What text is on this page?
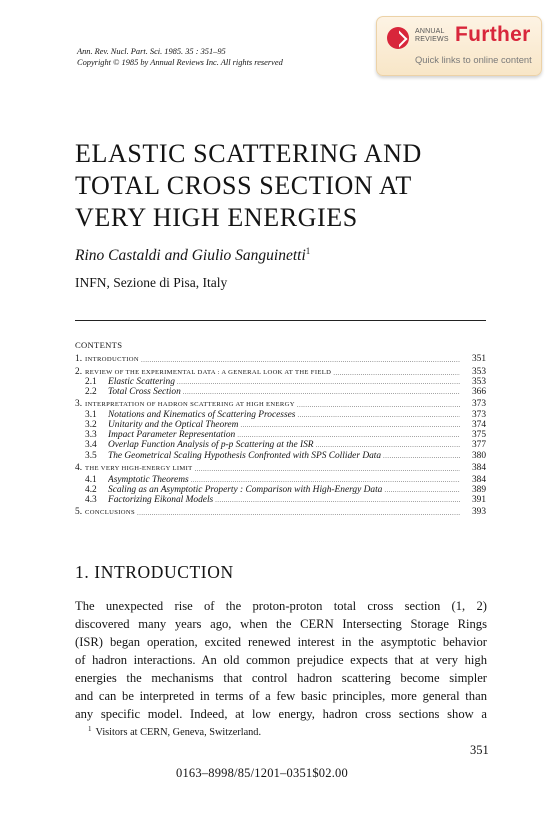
Ann. Rev. Nucl. Part. Sci. 1985. 35 : 351–95
Copyright © 1985 by Annual Reviews Inc. All rights reserved
ANNUAL
REVIEWS Further
Quick links to online content
ELASTIC SCATTERING AND
TOTAL CROSS SECTION AT
VERY HIGH ENERGIES
Rino Castaldi and Giulio Sanguinetti$^1$
INFN, Sezione di Pisa, Italy
CONTENTS
1. INTRODUCTION .....	351
2. REVIEW OF THE EXPERIMENTAL DATA : A GENERAL LOOK AT THE FIELD .....	353
2.1 Elastic Scattering .....	353
2.2 Total Cross Section .....	366
3. INTERPRETATION OF HADRON SCATTERING AT HIGH ENERGY .....	373
3.1 Notations and Kinematics of Scattering Processes .....	373
3.2 Unitarity and the Optical Theorem .....	374
3.3 Impact Parameter Representation .....	375
3.4 Overlap Function Analysis of p-p Scattering at the ISR .....	377
3.5 The Geometrical Scaling Hypothesis Confronted with SPS Collider Data .....	380
4. THE VERY HIGH-ENERGY LIMIT .....	384
4.1 Asymptotic Theorems .....	384
4.2 Scaling as an Asymptotic Property : Comparison with High-Energy Data .....	389
4.3 Factorizing Eikonal Models .....	391
5. CONCLUSIONS .....	393
1. INTRODUCTION
The unexpected rise of the proton-proton total cross section (1, 2)
discovered many years ago, when the CERN Intersecting Storage Rings
(ISR) began operation, excited renewed interest in the asymptotic behavior
of hadron interactions. An old common prejudice expects that at very high
energies the mechanisms that control hadron scattering become simpler
and can be interpreted in terms of a few basic principles, more general than
any specific model. Indeed, at low energy, hadron cross sections show a
$^1$ Visitors at CERN, Geneva, Switzerland.
351
0163–8998/85/1201–0351$02.00
